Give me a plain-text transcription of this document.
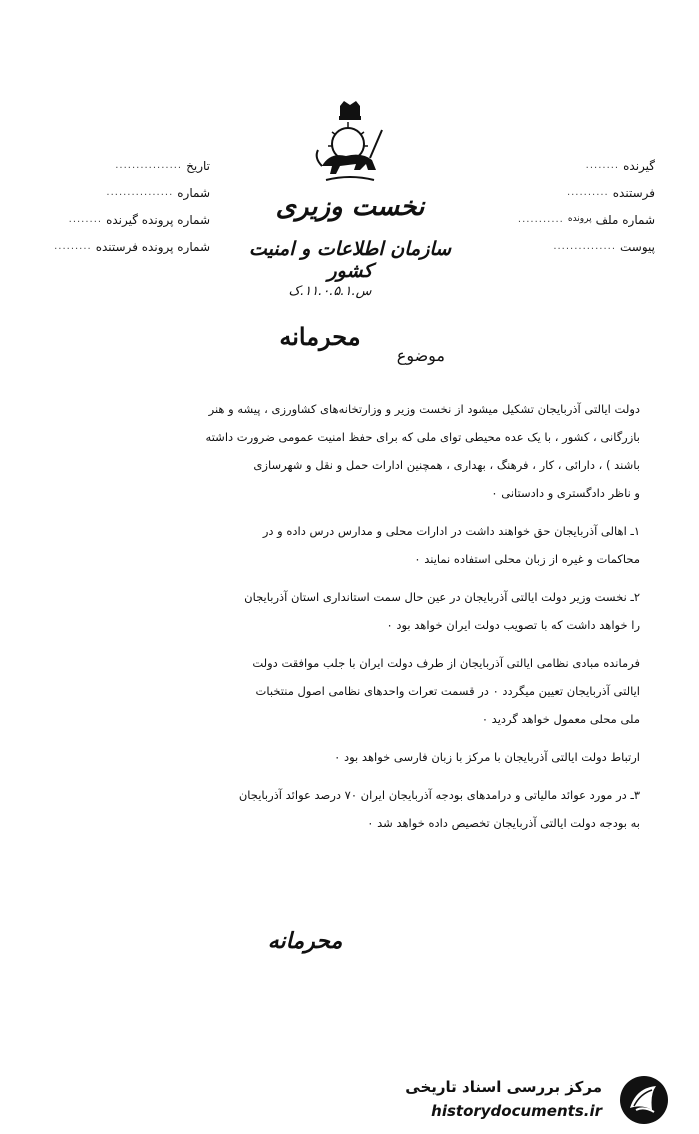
گیرنده
........
فرستنده
..........
شماره ملف
پرونده
...........
پیوست
...............
تاریخ
................
شماره
................
شماره پرونده گیرنده
........
شماره پرونده فرستنده
.........
نخست وزیری
سازمان اطلاعات و امنیت کشور
س.۱۱.۰.۵.۱.ک
محرمانه
موضوع
دولت ایالتی آذربایجان تشکیل میشود از نخست وزیر و وزارتخانه‌های کشاورزی ، پیشه و هنر
بازرگانی ، کشور ، با یک عده محیطی توای ملی که برای حفظ امنیت عمومی ضرورت داشته
باشند ) ، دارائی ، کار ، فرهنگ ، بهداری ، همچنین ادارات حمل و نقل و شهرسازی
و ناظر دادگستری و دادستانی ۰
۱ـ اهالی آذربایجان حق خواهند داشت در ادارات محلی و مدارس درس داده و در
محاکمات و غیره از زبان محلی استفاده نمایند ۰
۲ـ نخست وزیر دولت ایالتی آذربایجان در عین حال سمت استانداری استان آذربایجان
را خواهد داشت که با تصویب دولت ایران خواهد بود ۰
فرمانده مبادی نظامی ایالتی آذربایجان از طرف دولت ایران با جلب موافقت دولت
ایالتی آذربایجان تعیین میگردد ۰ در قسمت تعرات واحدهای نظامی اصول منتخبات
ملی محلی معمول خواهد گردید ۰
ارتباط دولت ایالتی آذربایجان با مرکز با زبان فارسی خواهد بود ۰
۳ـ در مورد عوائد مالیاتی و درامدهای بودجه آذربایجان ایران ۷۰ درصد عوائد آذربایجان
به بودجه دولت ایالتی آذربایجان تخصیص داده خواهد شد ۰
محرمانه
مرکز بررسی اسناد تاریخی
historydocuments.ir
